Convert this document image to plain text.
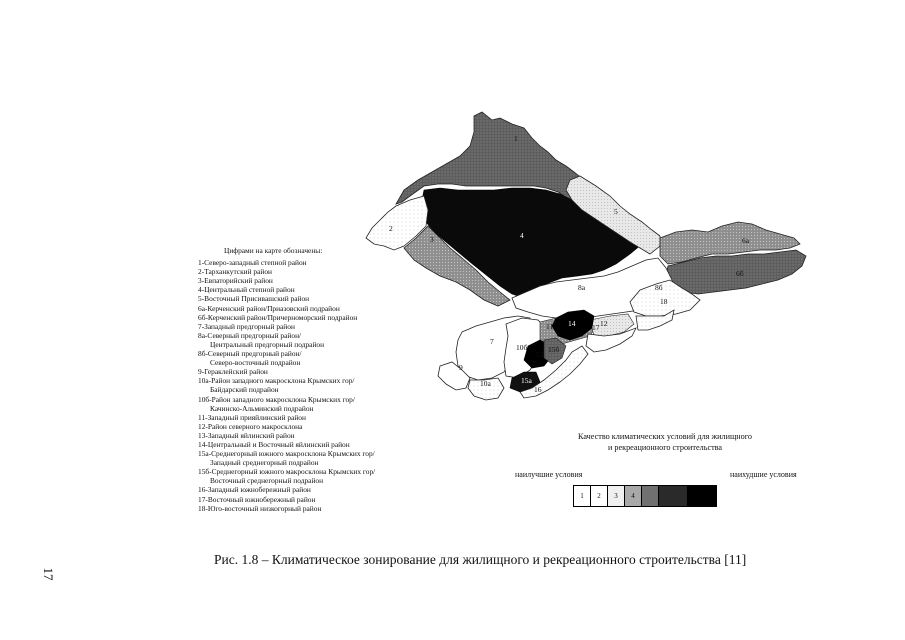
17
1
2
3	4
5
6а
6б
7
8а	8б
9
10а
10б
11	12
13
14
15а
15б
16
17
18
Цифрами на карте обозначены:
1-Северо-западный степной район
2-Тарханкутский район
3-Евпаторийский район
4-Центральный степной район
5-Восточный Присивашский район
6а-Керченский район/Приазовский подрайон
6б-Керченский район/Причерноморский подрайон
7-Западный предгорный район
8а-Северный предгорный район/
Центральный предгорный подрайон
8б-Северный предгорный район/
Северо-восточный подрайон
9-Гераклейский район
10а-Район западного макросклона Крымских гор/
Байдарский подрайон
10б-Район западного макросклона Крымских гор/
Качинско-Альминский подрайон
11-Западный прияйлинский район
12-Район северного макросклона
13-Западный яйлинский район
14-Центральный и Восточный яйлинский район
15а-Среднегорный южного макросклона Крымских гор/
Западный среднегорный подрайон
15б-Среднегорный южного макросклона Крымских гор/
Восточный среднегорный подрайон
16-Западный южнобережный район
17-Восточный южнобережный район
18-Юго-восточный низкогорный район
Качество климатических условий для жилищного
и рекреационного строительства
наилучшие условия	наихудшие условия
1	2	3	4
Рис. 1.8 – Климатическое зонирование для жилищного и рекреационного строительства [11]
